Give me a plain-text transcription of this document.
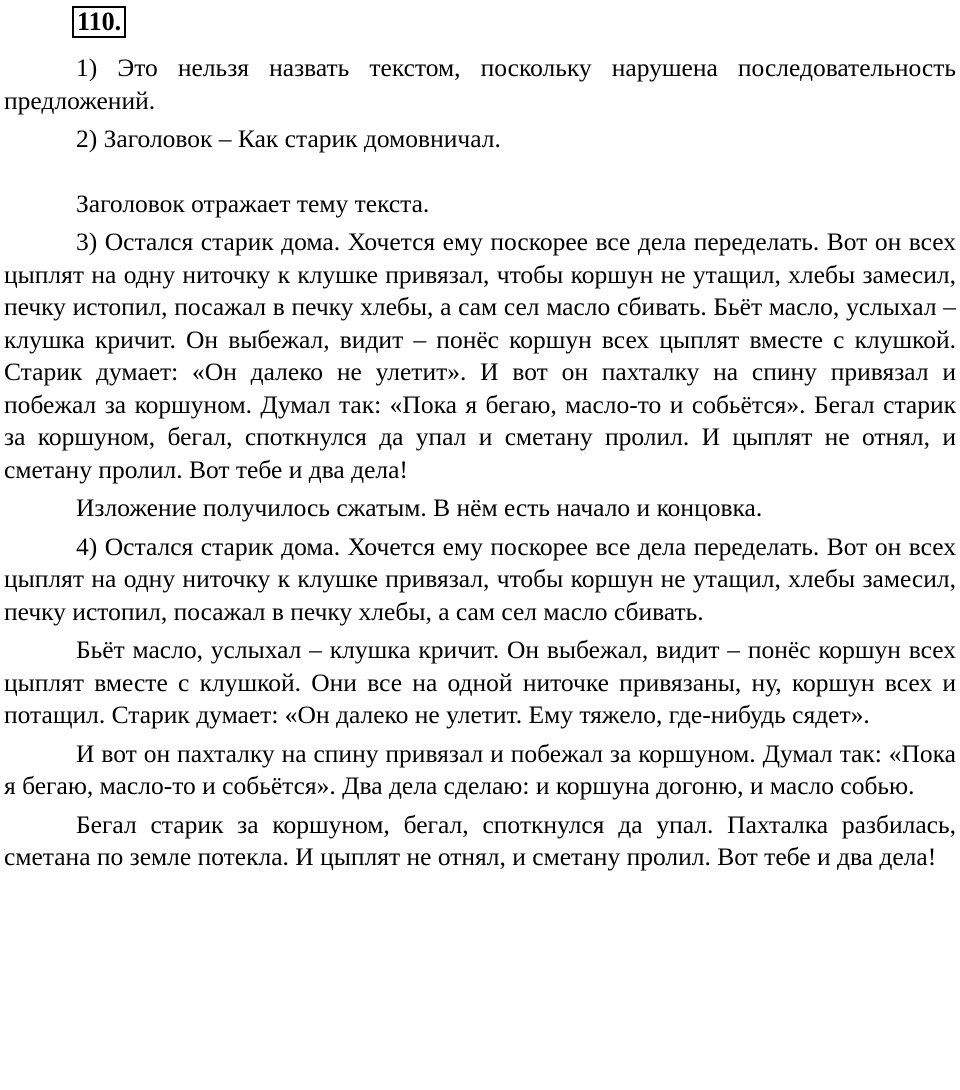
110.

1) Это нельзя назвать текстом, поскольку нарушена последовательность предложений.

2) Заголовок – Как старик домовничал.

Заголовок отражает тему текста.

3) Остался старик дома. Хочется ему поскорее все дела переделать. Вот он всех цыплят на одну ниточку к клушке привязал, чтобы коршун не утащил, хлебы замесил, печку истопил, посажал в печку хлебы, а сам сел масло сбивать. Бьёт масло, услыхал – клушка кричит. Он выбежал, видит – понёс коршун всех цыплят вместе с клушкой. Старик думает: «Он далеко не улетит». И вот он пахталку на спину привязал и побежал за коршуном. Думал так: «Пока я бегаю, масло-то и собьётся». Бегал старик за коршуном, бегал, споткнулся да упал и сметану пролил. И цыплят не отнял, и сметану пролил. Вот тебе и два дела!

Изложение получилось сжатым. В нём есть начало и концовка.

4) Остался старик дома. Хочется ему поскорее все дела переделать. Вот он всех цыплят на одну ниточку к клушке привязал, чтобы коршун не утащил, хлебы замесил, печку истопил, посажал в печку хлебы, а сам сел масло сбивать.

Бьёт масло, услыхал – клушка кричит. Он выбежал, видит – понёс коршун всех цыплят вместе с клушкой. Они все на одной ниточке привязаны, ну, коршун всех и потащил. Старик думает: «Он далеко не улетит. Ему тяжело, где-нибудь сядет».

И вот он пахталку на спину привязал и побежал за коршуном. Думал так: «Пока я бегаю, масло-то и собьётся». Два дела сделаю: и коршуна догоню, и масло собью.

Бегал старик за коршуном, бегал, споткнулся да упал. Пахталка разбилась, сметана по земле потекла. И цыплят не отнял, и сметану пролил. Вот тебе и два дела!
